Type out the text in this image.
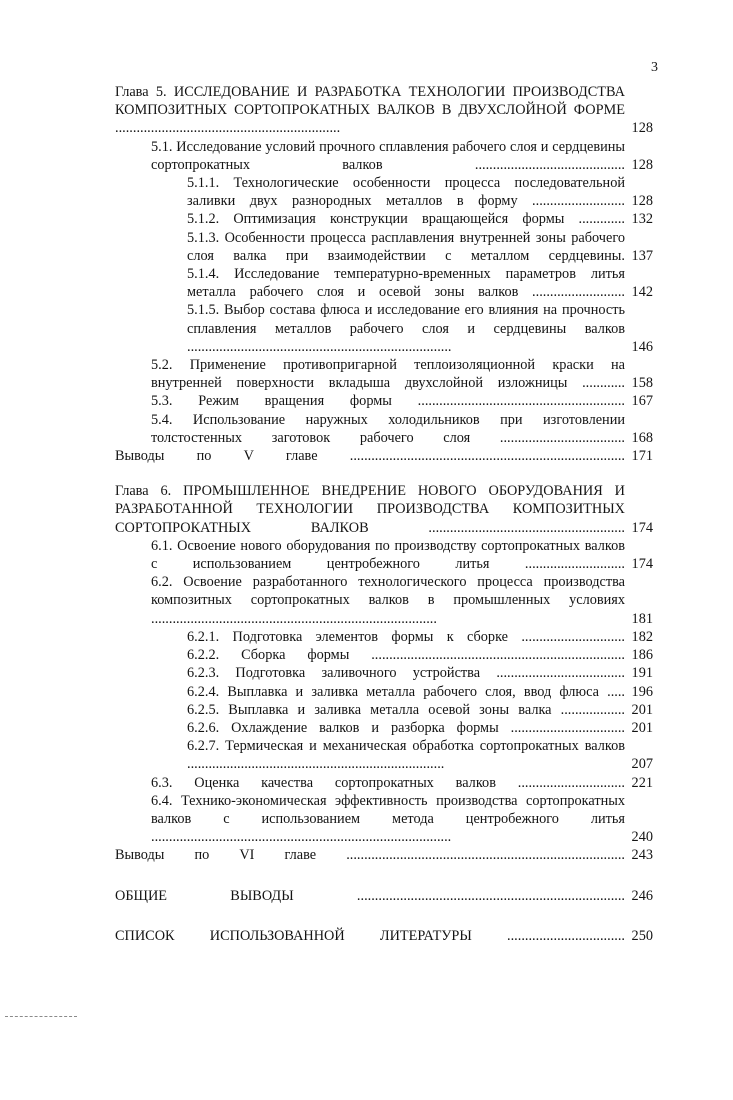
3
Глава 5. ИССЛЕДОВАНИЕ И РАЗРАБОТКА ТЕХНОЛОГИИ ПРОИЗВОДСТВА КОМПОЗИТНЫХ СОРТОПРОКАТНЫХ ВАЛКОВ В ДВУХСЛОЙНОЙ ФОРМЕ ...............................................................	128
5.1. Исследование условий прочного сплавления рабочего слоя и сердцевины сортопрокатных валков .......................................... 128
5.1.1. Технологические особенности процесса последовательной заливки двух разнородных металлов в форму .......................... 128
5.1.2. Оптимизация конструкции вращающейся формы ............. 132
5.1.3. Особенности процесса расплавления внутренней зоны рабочего слоя валка при взаимодействии с металлом сердцевины. 137
5.1.4. Исследование температурно-временных параметров литья металла рабочего слоя и осевой зоны валков .......................... 142
5.1.5. Выбор состава флюса и исследование его влияния на прочность сплавления металлов рабочего слоя и сердцевины валков ..........................................................................	146
5.2. Применение противопригарной теплоизоляционной краски на внутренней поверхности вкладыша двухслойной изложницы ............ 158
5.3. Режим вращения формы .......................................................... 167
5.4. Использование наружных холодильников при изготовлении толстостенных заготовок рабочего слоя ................................... 168
Выводы по V главе ............................................................................. 171
Глава 6. ПРОМЫШЛЕННОЕ ВНЕДРЕНИЕ НОВОГО ОБОРУДОВАНИЯ И РАЗРАБОТАННОЙ ТЕХНОЛОГИИ ПРОИЗВОДСТВА КОМПОЗИТНЫХ СОРТОПРОКАТНЫХ ВАЛКОВ ....................................................... 174
6.1. Освоение нового оборудования по производству сортопрокатных валков с использованием центробежного литья ............................ 174
6.2. Освоение разработанного технологического процесса производства композитных сортопрокатных валков в промышленных условиях ................................................................................	181
6.2.1. Подготовка элементов формы к сборке ............................. 182
6.2.2. Сборка формы ....................................................................... 186
6.2.3. Подготовка заливочного устройства .................................... 191
6.2.4. Выплавка и заливка металла рабочего слоя, ввод флюса ..... 196
6.2.5. Выплавка и заливка металла осевой зоны валка .................. 201
6.2.6. Охлаждение валков и разборка формы ................................ 201
6.2.7. Термическая и механическая обработка сортопрокатных валков ........................................................................	207
6.3. Оценка качества сортопрокатных валков .............................. 221
6.4. Технико-экономическая эффективность производства сортопрокатных валков с использованием метода центробежного литья ....................................................................................	240
Выводы по VI главе .............................................................................. 243
ОБЩИЕ ВЫВОДЫ ........................................................................... 246
СПИСОК ИСПОЛЬЗОВАННОЙ ЛИТЕРАТУРЫ ................................. 250
